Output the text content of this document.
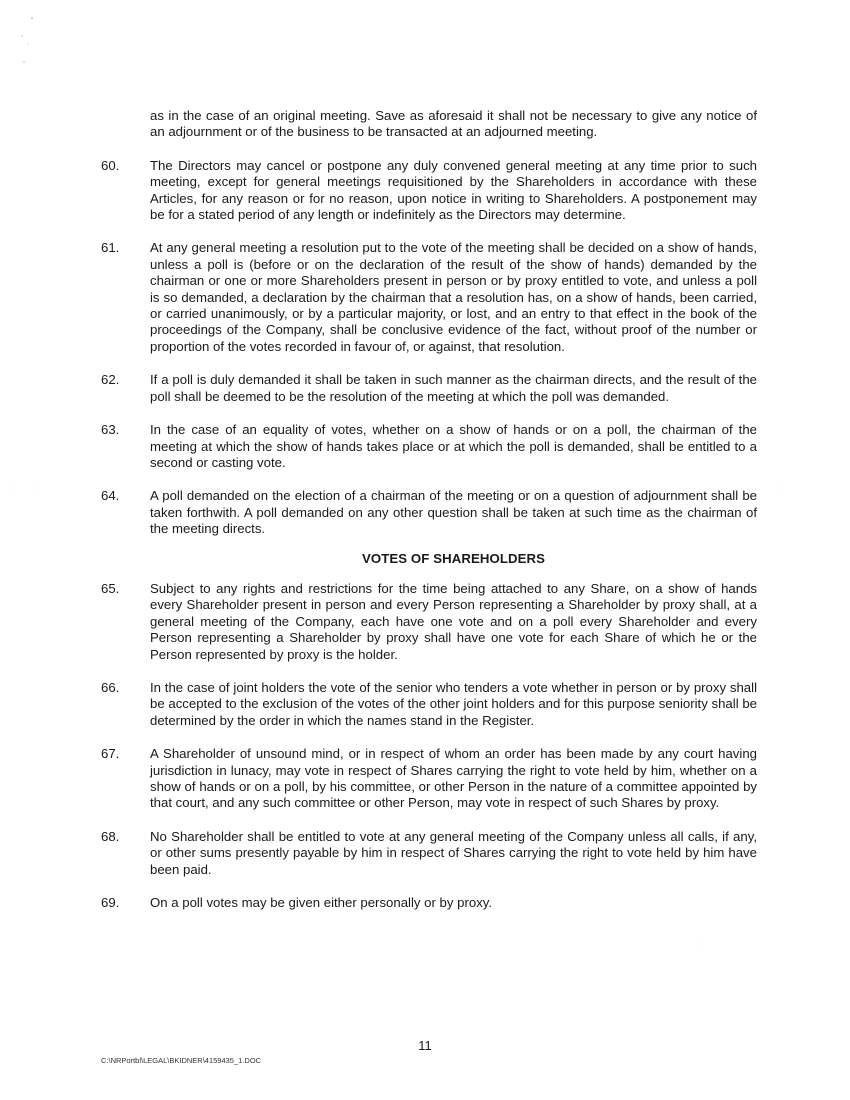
as in the case of an original meeting. Save as aforesaid it shall not be necessary to give any notice of an adjournment or of the business to be transacted at an adjourned meeting.
60.	The Directors may cancel or postpone any duly convened general meeting at any time prior to such meeting, except for general meetings requisitioned by the Shareholders in accordance with these Articles, for any reason or for no reason, upon notice in writing to Shareholders. A postponement may be for a stated period of any length or indefinitely as the Directors may determine.
61.	At any general meeting a resolution put to the vote of the meeting shall be decided on a show of hands, unless a poll is (before or on the declaration of the result of the show of hands) demanded by the chairman or one or more Shareholders present in person or by proxy entitled to vote, and unless a poll is so demanded, a declaration by the chairman that a resolution has, on a show of hands, been carried, or carried unanimously, or by a particular majority, or lost, and an entry to that effect in the book of the proceedings of the Company, shall be conclusive evidence of the fact, without proof of the number or proportion of the votes recorded in favour of, or against, that resolution.
62.	If a poll is duly demanded it shall be taken in such manner as the chairman directs, and the result of the poll shall be deemed to be the resolution of the meeting at which the poll was demanded.
63.	In the case of an equality of votes, whether on a show of hands or on a poll, the chairman of the meeting at which the show of hands takes place or at which the poll is demanded, shall be entitled to a second or casting vote.
64.	A poll demanded on the election of a chairman of the meeting or on a question of adjournment shall be taken forthwith. A poll demanded on any other question shall be taken at such time as the chairman of the meeting directs.
VOTES OF SHAREHOLDERS
65.	Subject to any rights and restrictions for the time being attached to any Share, on a show of hands every Shareholder present in person and every Person representing a Shareholder by proxy shall, at a general meeting of the Company, each have one vote and on a poll every Shareholder and every Person representing a Shareholder by proxy shall have one vote for each Share of which he or the Person represented by proxy is the holder.
66.	In the case of joint holders the vote of the senior who tenders a vote whether in person or by proxy shall be accepted to the exclusion of the votes of the other joint holders and for this purpose seniority shall be determined by the order in which the names stand in the Register.
67.	A Shareholder of unsound mind, or in respect of whom an order has been made by any court having jurisdiction in lunacy, may vote in respect of Shares carrying the right to vote held by him, whether on a show of hands or on a poll, by his committee, or other Person in the nature of a committee appointed by that court, and any such committee or other Person, may vote in respect of such Shares by proxy.
68.	No Shareholder shall be entitled to vote at any general meeting of the Company unless all calls, if any, or other sums presently payable by him in respect of Shares carrying the right to vote held by him have been paid.
69.	On a poll votes may be given either personally or by proxy.
11
C:\NRPortbl\LEGAL\BKIDNER\4159435_1.DOC
